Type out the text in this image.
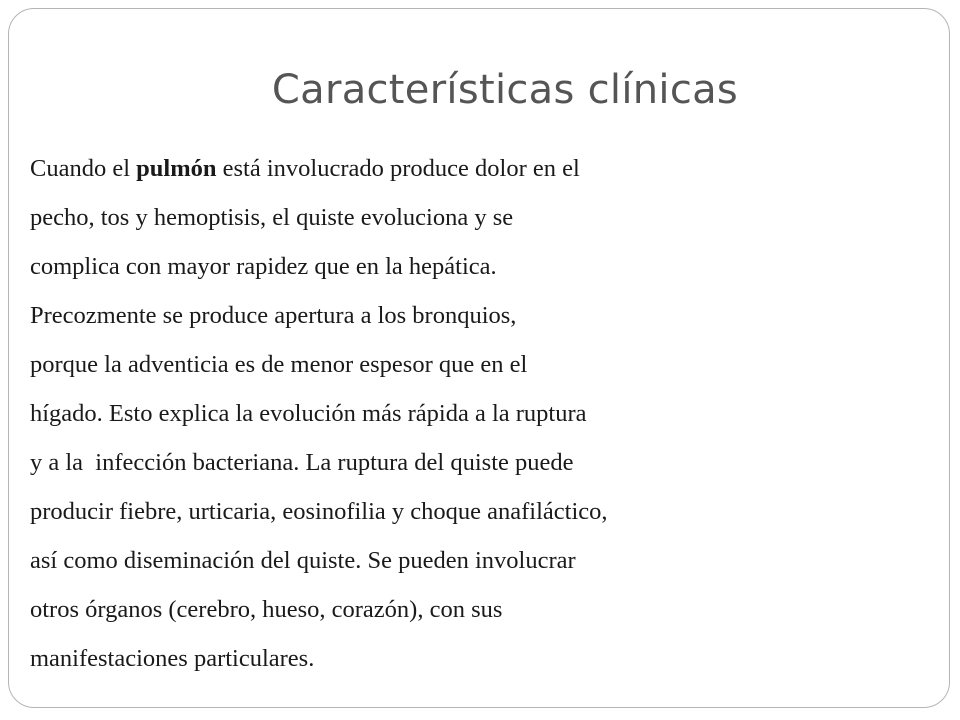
Características clínicas
Cuando el pulmón está involucrado produce dolor en el
pecho, tos y hemoptisis, el quiste evoluciona y se
complica con mayor rapidez que en la hepática.
Precozmente se produce apertura a los bronquios,
porque la adventicia es de menor espesor que en el
hígado. Esto explica la evolución más rápida a la ruptura
y a la  infección bacteriana. La ruptura del quiste puede
producir fiebre, urticaria, eosinofilia y choque anafiláctico,
así como diseminación del quiste. Se pueden involucrar
otros órganos (cerebro, hueso, corazón), con sus
manifestaciones particulares.
